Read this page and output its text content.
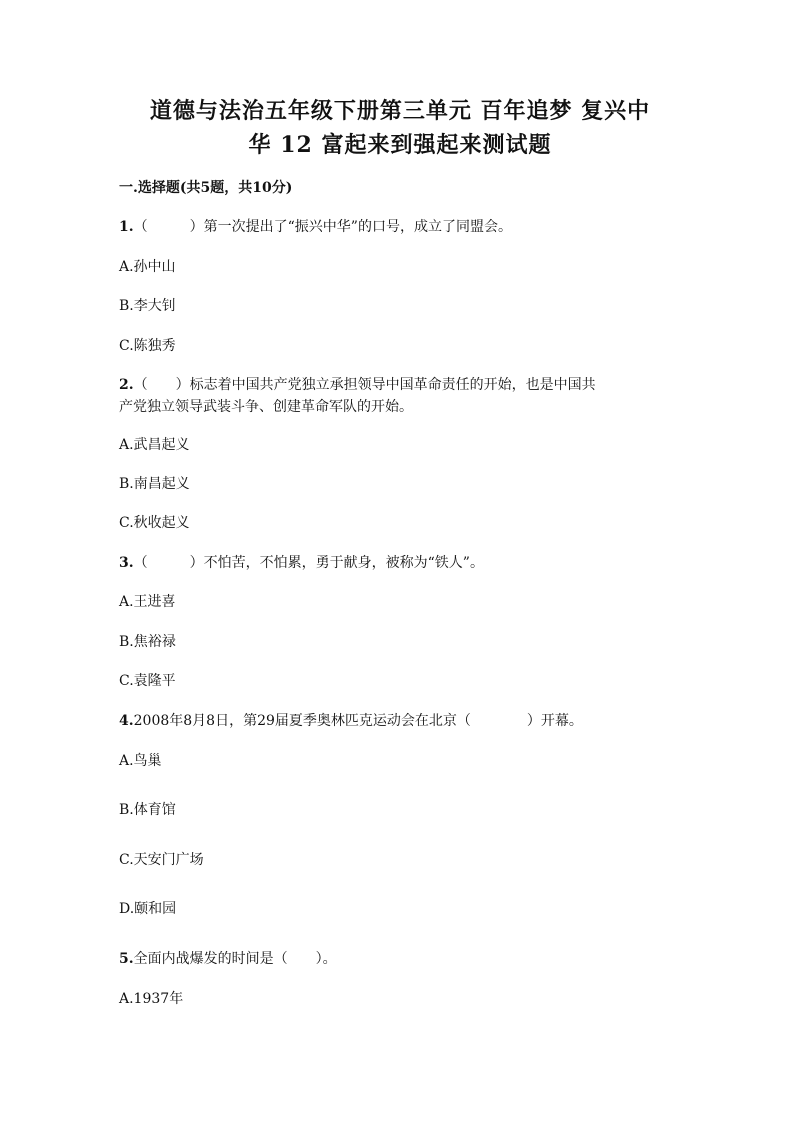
道德与法治五年级下册第三单元 百年追梦 复兴中
华 12 富起来到强起来测试题
一.选择题(共5题，共10分)
1.（　　　）第一次提出了“振兴中华”的口号，成立了同盟会。
A.孙中山
B.李大钊
C.陈独秀
2.（　　）标志着中国共产党独立承担领导中国革命责任的开始，也是中国共
产党独立领导武装斗争、创建革命军队的开始。
A.武昌起义
B.南昌起义
C.秋收起义
3.（　　　）不怕苦，不怕累，勇于献身，被称为“铁人”。
A.王进喜
B.焦裕禄
C.袁隆平
4.2008年8月8日，第29届夏季奥林匹克运动会在北京（　　　　）开幕。
A.鸟巢
B.体育馆
C.天安门广场
D.颐和园
5.全面内战爆发的时间是（　　）。
A.1937年
